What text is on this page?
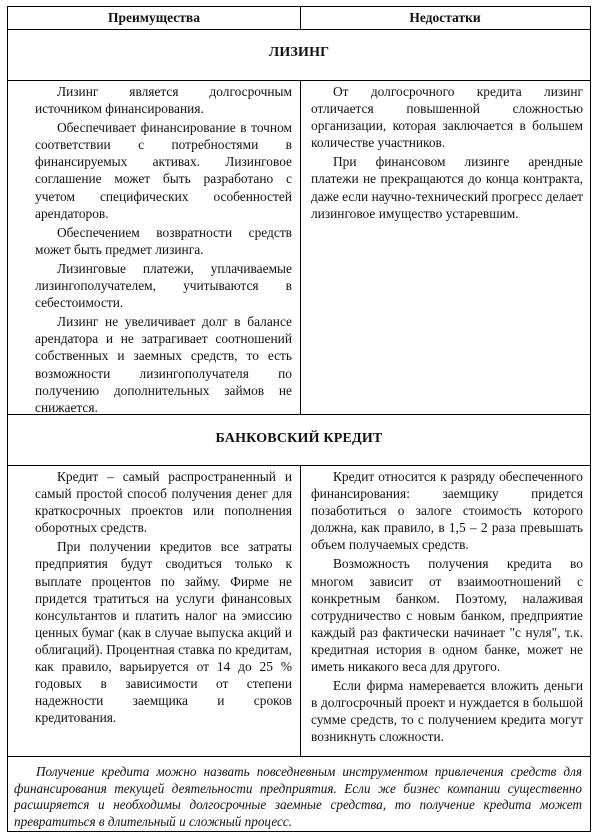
Преимущества	Недостатки
ЛИЗИНГ

Лизинг является долгосрочным источником финансирования.

Обеспечивает финансирование в точном соответствии с потребностями в финансируемых активах. Лизинговое соглашение может быть разработано с учетом специфических особенностей арендаторов.

Обеспечением возвратности средств может быть предмет лизинга.

Лизинговые платежи, уплачиваемые лизингополучателем, учитываются в себестоимости.

Лизинг не увеличивает долг в балансе арендатора и не затрагивает соотношений собственных и заемных средств, то есть возможности лизингополучателя по получению дополнительных займов не снижается.

От долгосрочного кредита лизинг отличается повышенной сложностью организации, которая заключается в большем количестве участников.

При финансовом лизинге арендные платежи не прекращаются до конца контракта, даже если научно-технический прогресс делает лизинговое имущество устаревшим.

БАНКОВСКИЙ КРЕДИТ

Кредит – самый распространенный и самый простой способ получения денег для краткосрочных проектов или пополнения оборотных средств.

При получении кредитов все затраты предприятия будут сводиться только к выплате процентов по займу. Фирме не придется тратиться на услуги финансовых консультантов и платить налог на эмиссию ценных бумаг (как в случае выпуска акций и облигаций). Процентная ставка по кредитам, как правило, варьируется от 14 до 25 % годовых в зависимости от степени надежности заемщика и сроков кредитования.

Кредит относится к разряду обеспеченного финансирования: заемщику придется позаботиться о залоге стоимость которого должна, как правило, в 1,5 – 2 раза превышать объем получаемых средств.

Возможность получения кредита во многом зависит от взаимоотношений с конкретным банком. Поэтому, налаживая сотрудничество с новым банком, предприятие каждый раз фактически начинает "с нуля", т.к. кредитная история в одном банке, может не иметь никакого веса для другого.

Если фирма намеревается вложить деньги в долгосрочный проект и нуждается в большой сумме средств, то с получением кредита могут возникнуть сложности.

Получение кредита можно назвать повседневным инструментом привлечения средств для финансирования текущей деятельности предприятия. Если же бизнес компании существенно расширяется и необходимы долгосрочные заемные средства, то получение кредита может превратиться в длительный и сложный процесс.
